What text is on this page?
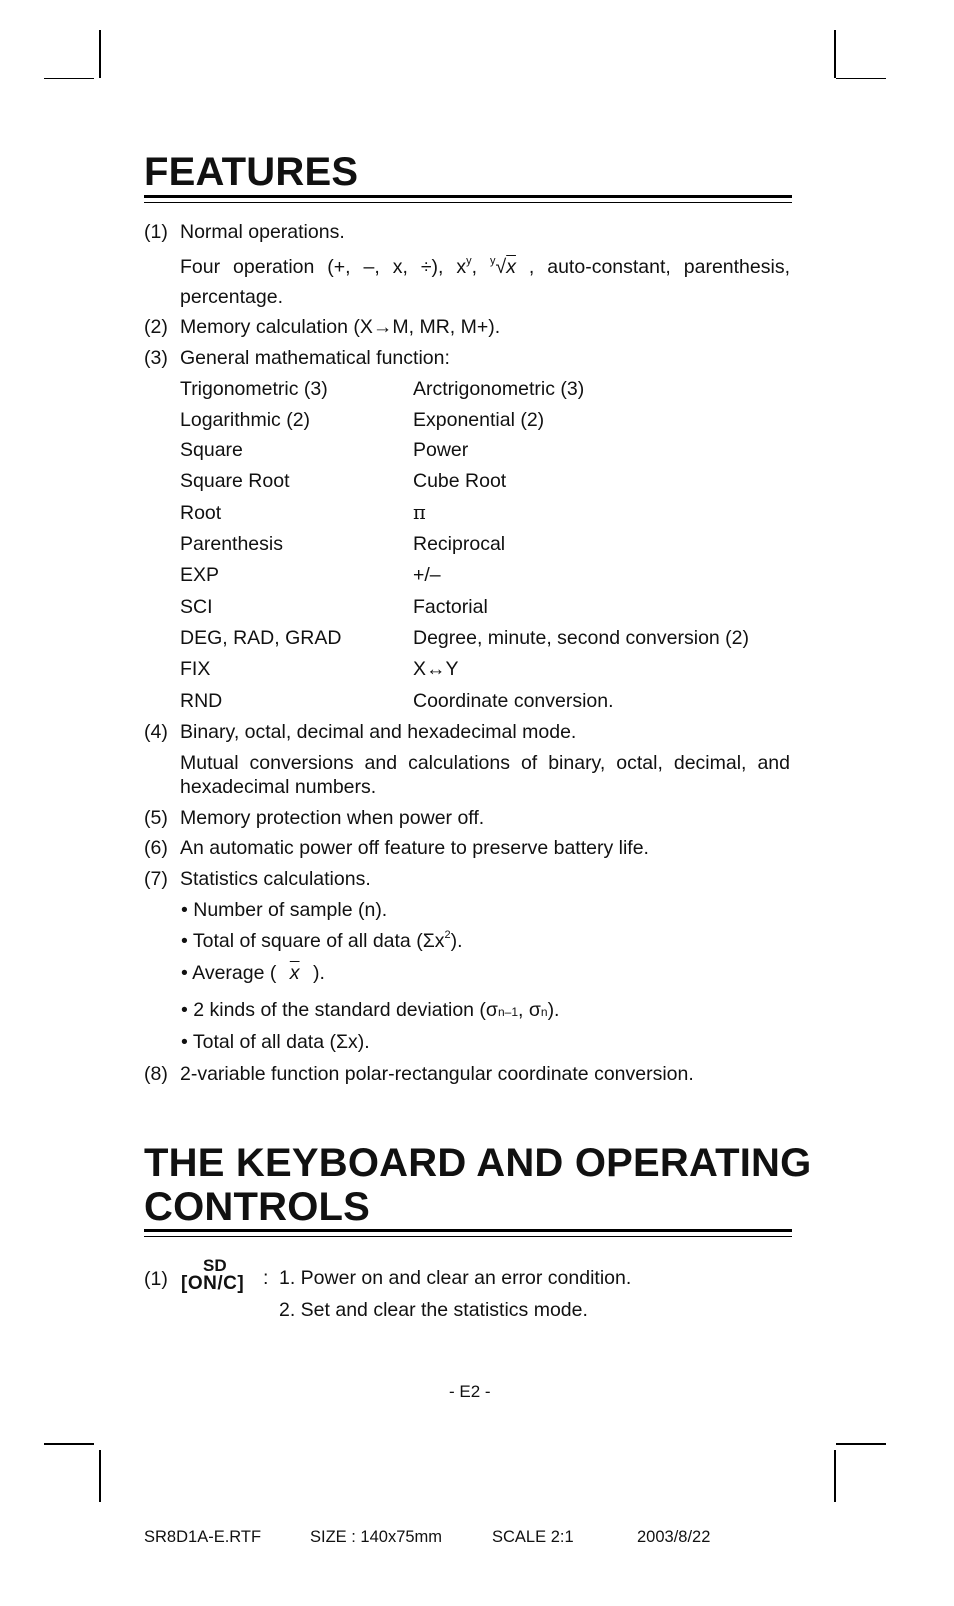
FEATURES
(1) Normal operations.
Four operation (+, –, x, ÷), $x^y$, $^y$√x , auto-constant, parenthesis,
percentage.
(2) Memory calculation (X→M, MR, M+).
(3) General mathematical function:
Trigonometric (3)	Arctrigonometric (3)
Logarithmic (2)	Exponential (2)
Square	Power
Square Root	Cube Root
Root	π
Parenthesis	Reciprocal
EXP	+/–
SCI	Factorial
DEG, RAD, GRAD	Degree, minute, second conversion (2)
FIX	X↔Y
RND	Coordinate conversion.
(4) Binary, octal, decimal and hexadecimal mode.
Mutual conversions and calculations of binary, octal, decimal, and
hexadecimal numbers.
(5) Memory protection when power off.
(6) An automatic power off feature to preserve battery life.
(7) Statistics calculations.
• Number of sample (n).
• Total of square of all data $(\Sigma x^2)$.
• Average ( $\overline{x}$ ).
• 2 kinds of the standard deviation (σn–1, σn).
• Total of all data (Σx).
(8) 2-variable function polar-rectangular coordinate conversion.
THE KEYBOARD AND OPERATING
CONTROLS
(1)
SD
[ON/C] : 1. Power on and clear an error condition.
2. Set and clear the statistics mode.
- E2 -
SR8D1A-E.RTF	SIZE : 140x75mm	SCALE 2:1	2003/8/22
